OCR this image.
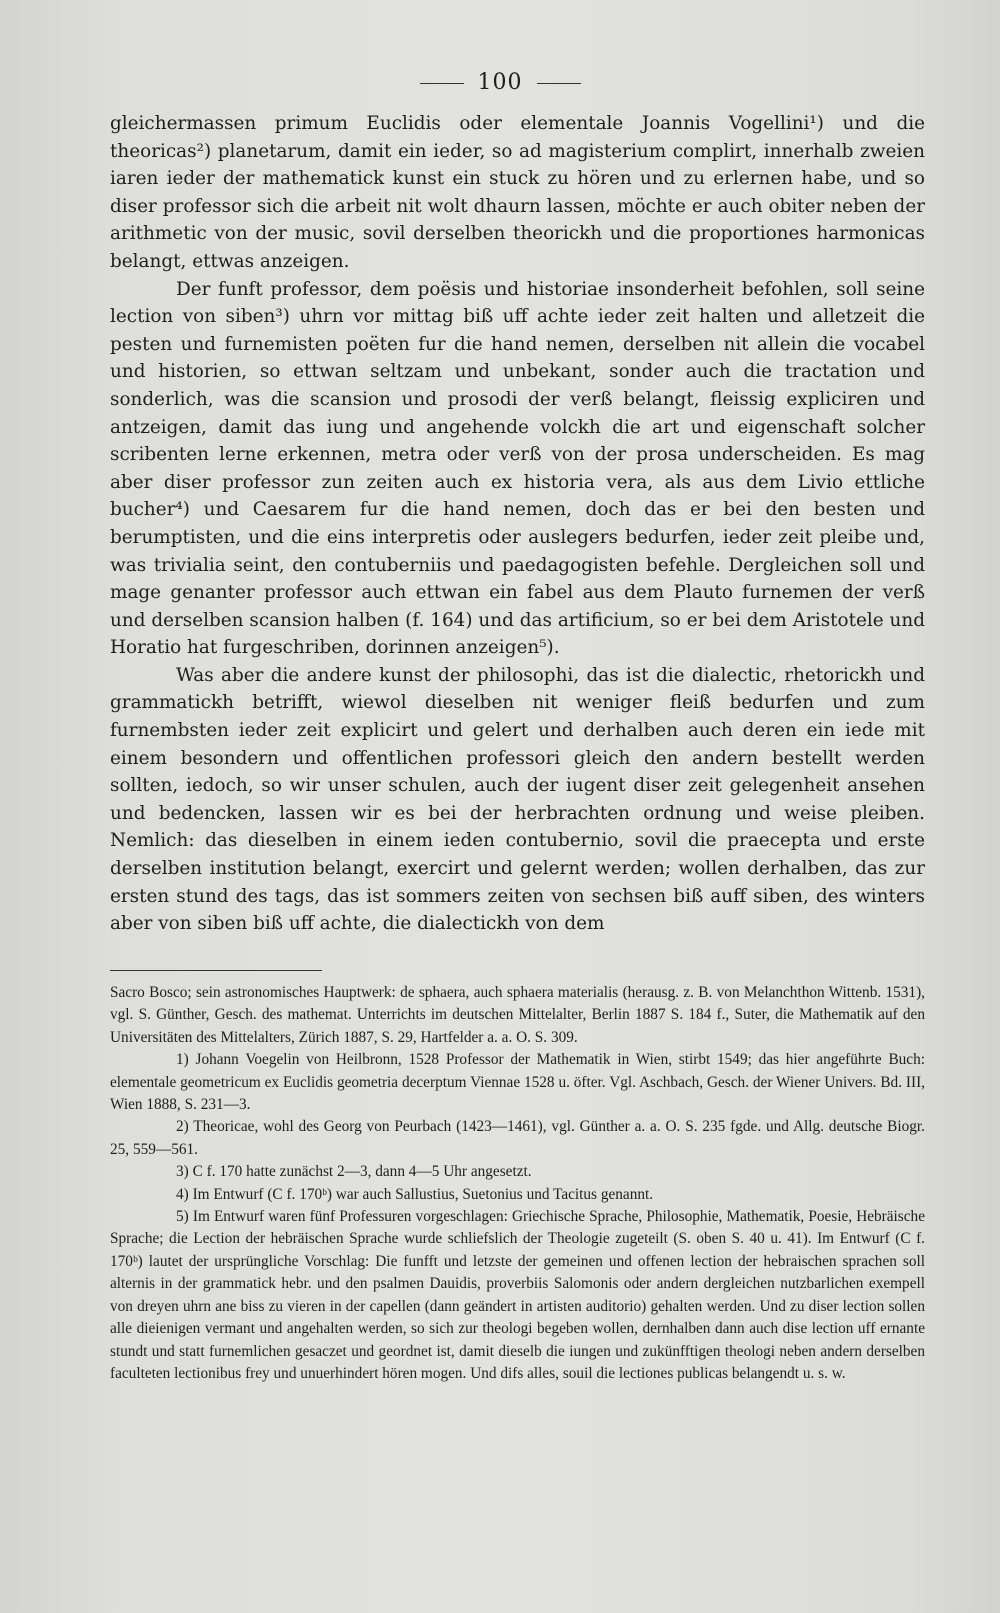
100

gleichermassen primum Euclidis oder elementale Joannis Vogellini¹) und die theoricas²) planetarum, damit ein ieder, so ad magisterium complirt, innerhalb zweien iaren ieder der mathematick kunst ein stuck zu hören und zu erlernen habe, und so diser professor sich die arbeit nit wolt dhaurn lassen, möchte er auch obiter neben der arithmetic von der music, sovil derselben theorickh und die proportiones harmonicas belangt, ettwas anzeigen.

Der funft professor, dem poësis und historiae insonderheit befohlen, soll seine lection von siben³) uhrn vor mittag biß uff achte ieder zeit halten und alletzeit die pesten und furnemisten poëten fur die hand nemen, derselben nit allein die vocabel und historien, so ettwan seltzam und unbekant, sonder auch die tractation und sonderlich, was die scansion und prosodi der verß belangt, fleissig expliciren und antzeigen, damit das iung und angehende volckh die art und eigenschaft solcher scribenten lerne erkennen, metra oder verß von der prosa underscheiden. Es mag aber diser professor zun zeiten auch ex historia vera, als aus dem Livio ettliche bucher⁴) und Caesarem fur die hand nemen, doch das er bei den besten und berumptisten, und die eins interpretis oder auslegers bedurfen, ieder zeit pleibe und, was trivialia seint, den contuberniis und paedagogisten befehle. Dergleichen soll und mage genanter professor auch ettwan ein fabel aus dem Plauto furnemen der verß und derselben scansion halben (f. 164) und das artificium, so er bei dem Aristotele und Horatio hat furgeschriben, dorinnen anzeigen⁵).

Was aber die andere kunst der philosophi, das ist die dialectic, rhetorickh und grammatickh betrifft, wiewol dieselben nit weniger fleiß bedurfen und zum furnembsten ieder zeit explicirt und gelert und derhalben auch deren ein iede mit einem besondern und offentlichen professori gleich den andern bestellt werden sollten, iedoch, so wir unser schulen, auch der iugent diser zeit gelegenheit ansehen und bedencken, lassen wir es bei der herbrachten ordnung und weise pleiben. Nemlich: das dieselben in einem ieden contubernio, sovil die praecepta und erste derselben institution belangt, exercirt und gelernt werden; wollen derhalben, das zur ersten stund des tags, das ist sommers zeiten von sechsen biß auff siben, des winters aber von siben biß uff achte, die dialectickh von dem

Sacro Bosco; sein astronomisches Hauptwerk: de sphaera, auch sphaera materialis (herausg. z. B. von Melanchthon Wittenb. 1531), vgl. S. Günther, Gesch. des mathemat. Unterrichts im deutschen Mittelalter, Berlin 1887 S. 184 f., Suter, die Mathematik auf den Universitäten des Mittelalters, Zürich 1887, S. 29, Hartfelder a. a. O. S. 309.

1) Johann Voegelin von Heilbronn, 1528 Professor der Mathematik in Wien, stirbt 1549; das hier angeführte Buch: elementale geometricum ex Euclidis geometria decerptum Viennae 1528 u. öfter. Vgl. Aschbach, Gesch. der Wiener Univers. Bd. III, Wien 1888, S. 231—3.

2) Theoricae, wohl des Georg von Peurbach (1423—1461), vgl. Günther a. a. O. S. 235 fgde. und Allg. deutsche Biogr. 25, 559—561.

3) C f. 170 hatte zunächst 2—3, dann 4—5 Uhr angesetzt.

4) Im Entwurf (C f. 170ᵇ) war auch Sallustius, Suetonius und Tacitus genannt.

5) Im Entwurf waren fünf Professuren vorgeschlagen: Griechische Sprache, Philosophie, Mathematik, Poesie, Hebräische Sprache; die Lection der hebräischen Sprache wurde schliefslich der Theologie zugeteilt (S. oben S. 40 u. 41). Im Entwurf (C f. 170ᵇ) lautet der ursprüngliche Vorschlag: Die funfft und letzste der gemeinen und offenen lection der hebraischen sprachen soll alternis in der grammatick hebr. und den psalmen Dauidis, proverbiis Salomonis oder andern dergleichen nutzbarlichen exempell von dreyen uhrn ane biss zu vieren in der capellen (dann geändert in artisten auditorio) gehalten werden. Und zu diser lection sollen alle dieienigen vermant und angehalten werden, so sich zur theologi begeben wollen, dernhalben dann auch dise lection uff ernante stundt und statt furnemlichen gesaczet und geordnet ist, damit dieselb die iungen und zukünfftigen theologi neben andern derselben faculteten lectionibus frey und unuerhindert hören mogen. Und difs alles, souil die lectiones publicas belangendt u. s. w.
